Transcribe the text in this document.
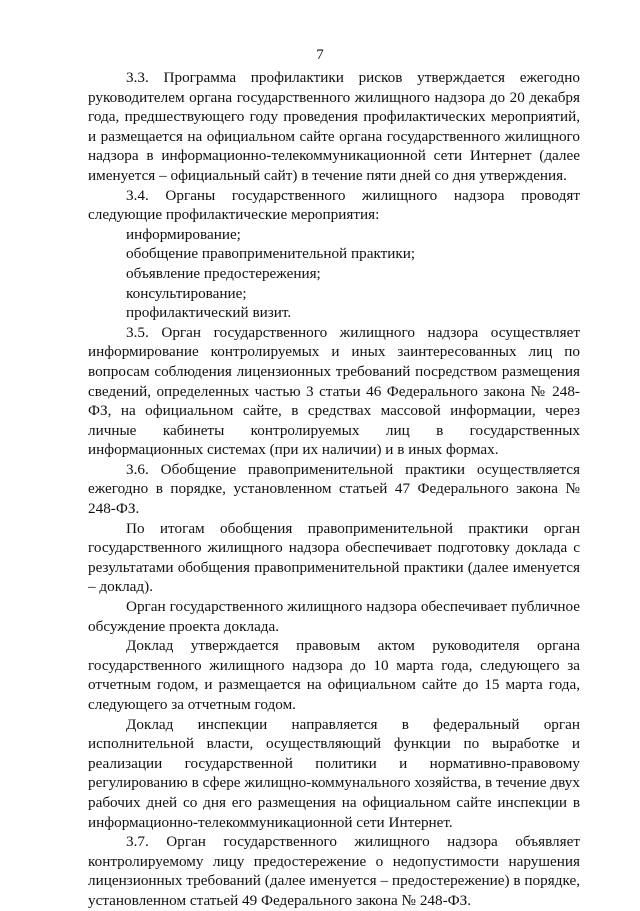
7

3.3. Программа профилактики рисков утверждается ежегодно руководителем органа государственного жилищного надзора до 20 декабря года, предшествующего году проведения профилактических мероприятий, и размещается на официальном сайте органа государственного жилищного надзора в информационно-телекоммуникационной сети Интернет (далее именуется – официальный сайт) в течение пяти дней со дня утверждения.

3.4. Органы государственного жилищного надзора проводят следующие профилактические мероприятия:

информирование;

обобщение правоприменительной практики;

объявление предостережения;

консультирование;

профилактический визит.

3.5. Орган государственного жилищного надзора осуществляет информирование контролируемых и иных заинтересованных лиц по вопросам соблюдения лицензионных требований посредством размещения сведений, определенных частью 3 статьи 46 Федерального закона № 248-ФЗ, на официальном сайте, в средствах массовой информации, через личные кабинеты контролируемых лиц в государственных информационных системах (при их наличии) и в иных формах.

3.6. Обобщение правоприменительной практики осуществляется ежегодно в порядке, установленном статьей 47 Федерального закона № 248-ФЗ.

По итогам обобщения правоприменительной практики орган государственного жилищного надзора обеспечивает подготовку доклада с результатами обобщения правоприменительной практики (далее именуется – доклад).

Орган государственного жилищного надзора обеспечивает публичное обсуждение проекта доклада.

Доклад утверждается правовым актом руководителя органа государственного жилищного надзора до 10 марта года, следующего за отчетным годом, и размещается на официальном сайте до 15 марта года, следующего за отчетным годом.

Доклад инспекции направляется в федеральный орган исполнительной власти, осуществляющий функции по выработке и реализации государственной политики и нормативно-правовому регулированию в сфере жилищно-коммунального хозяйства, в течение двух рабочих дней со дня его размещения на официальном сайте инспекции в информационно-телекоммуникационной сети Интернет.

3.7. Орган государственного жилищного надзора объявляет контролируемому лицу предостережение о недопустимости нарушения лицензионных требований (далее именуется – предостережение) в порядке, установленном статьей 49 Федерального закона № 248-ФЗ.
